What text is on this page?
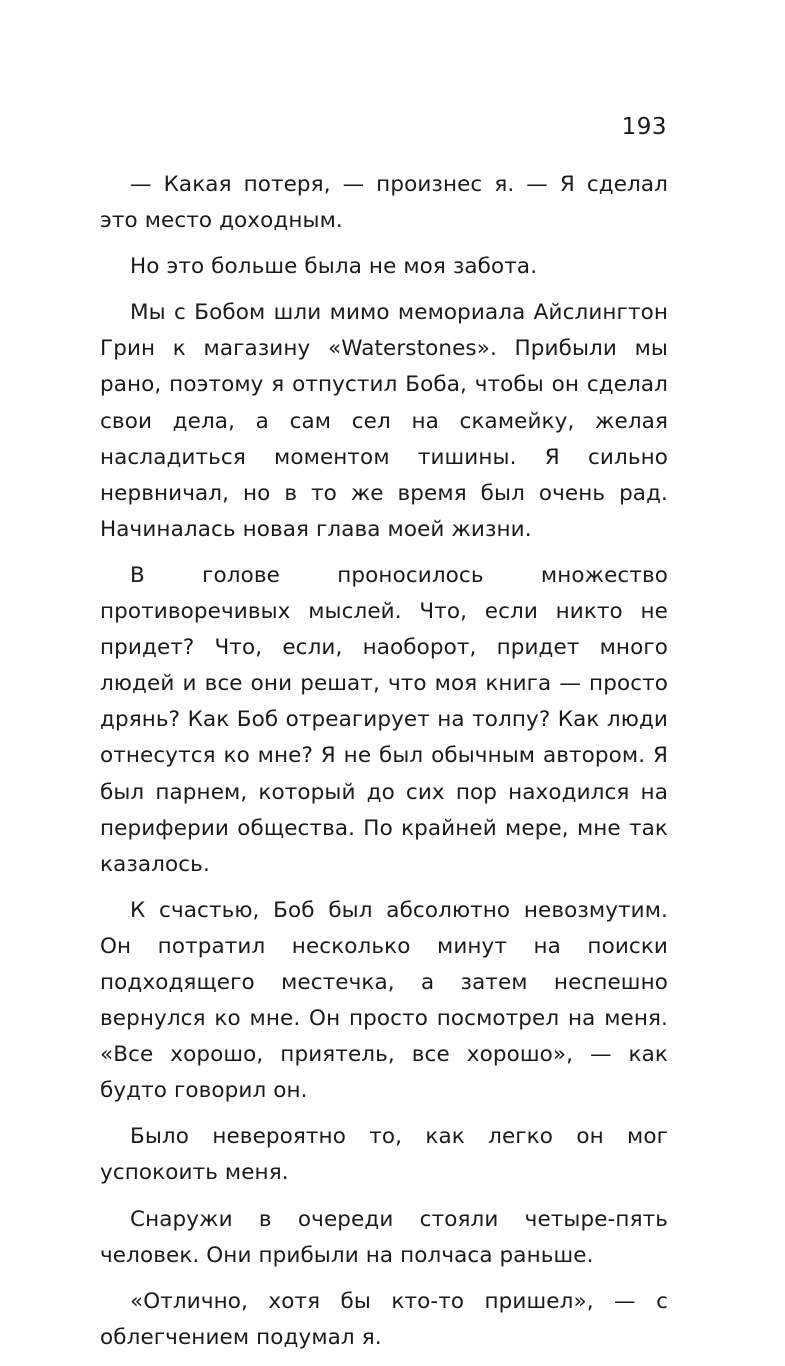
193

— Какая потеря, — произнес я. — Я сделал это место доходным.

Но это больше была не моя забота.

Мы с Бобом шли мимо мемориала Айслингтон Грин к магазину «Waterstones». Прибыли мы рано, поэтому я отпустил Боба, чтобы он сделал свои дела, а сам сел на скамейку, желая насладиться моментом тишины. Я сильно нервничал, но в то же время был очень рад. Начиналась новая глава моей жизни.

В голове проносилось множество противоречивых мыслей. Что, если никто не придет? Что, если, наоборот, придет много людей и все они решат, что моя книга — просто дрянь? Как Боб отреагирует на толпу? Как люди отнесутся ко мне? Я не был обычным автором. Я был парнем, который до сих пор находился на периферии общества. По крайней мере, мне так казалось.

К счастью, Боб был абсолютно невозмутим. Он потратил несколько минут на поиски подходящего местечка, а затем неспешно вернулся ко мне. Он просто посмотрел на меня. «Все хорошо, приятель, все хорошо», — как будто говорил он.

Было невероятно то, как легко он мог успокоить меня.

Снаружи в очереди стояли четыре-пять человек. Они прибыли на полчаса раньше.

«Отлично, хотя бы кто-то пришел», — с облегчением подумал я.
